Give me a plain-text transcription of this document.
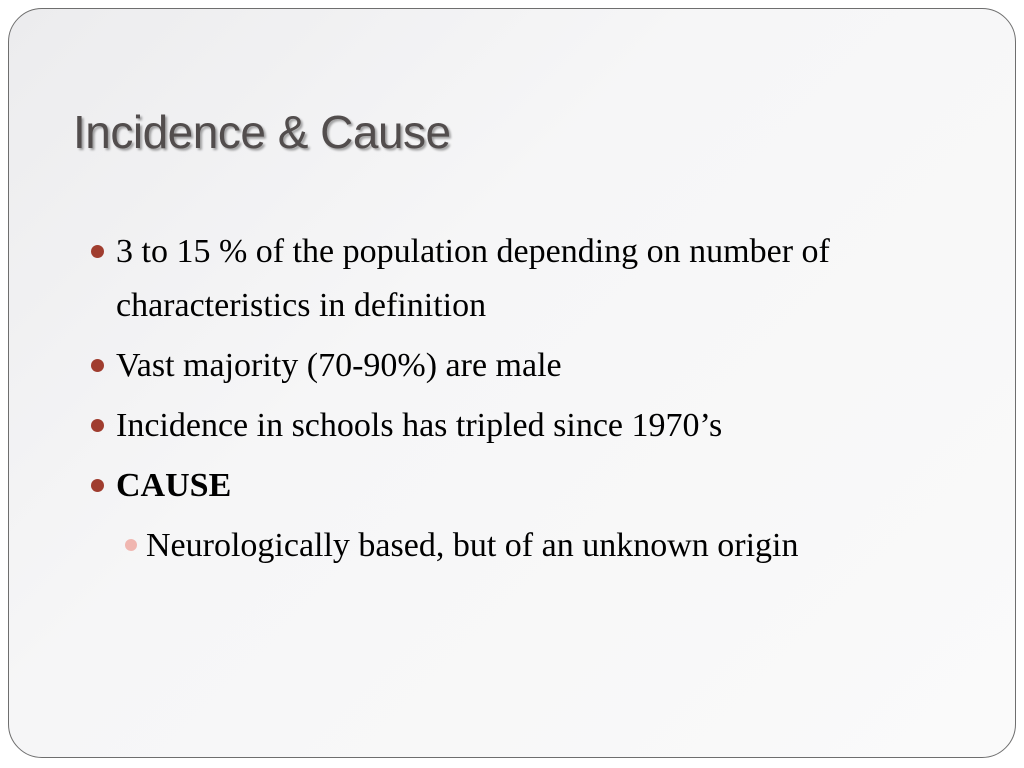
Incidence & Cause
3 to 15 % of the population depending on number of characteristics in definition
Vast majority (70-90%) are male
Incidence in schools has tripled since 1970’s
CAUSE
Neurologically based, but of an unknown origin
